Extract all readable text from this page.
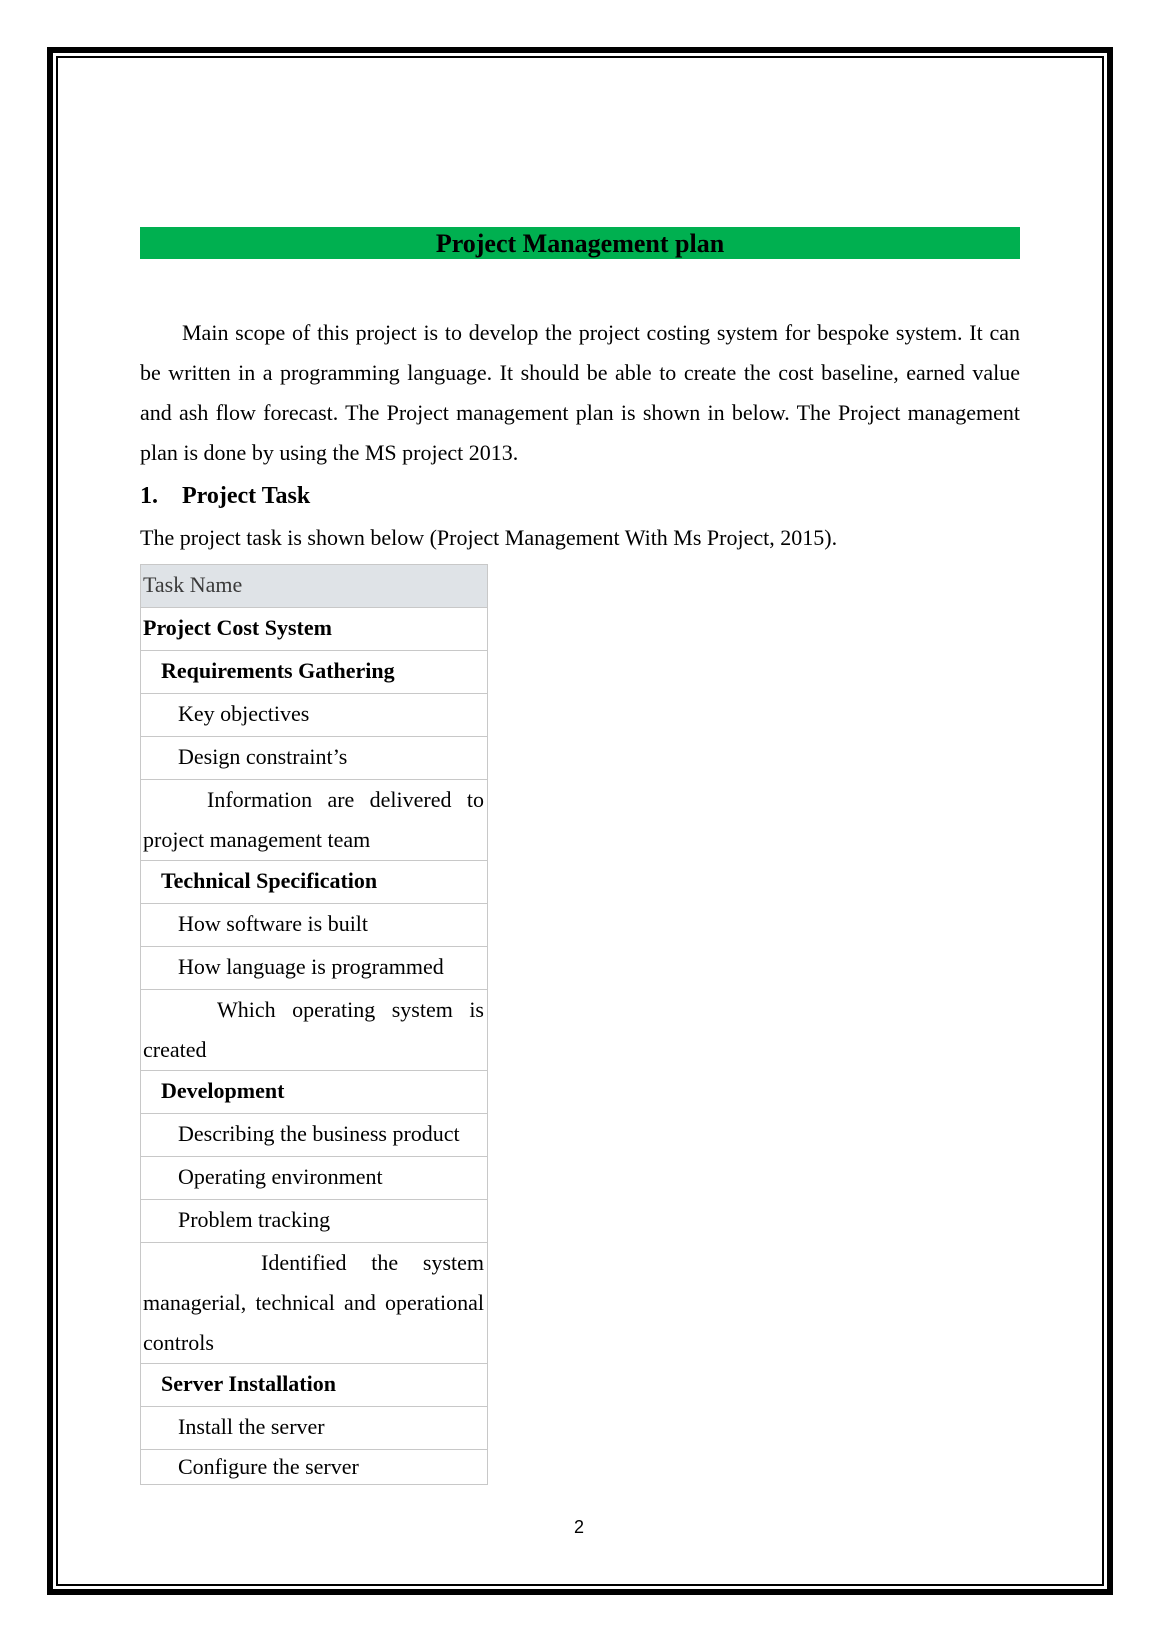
Project Management plan

Main scope of this project is to develop the project costing system for bespoke system. It can be written in a programming language. It should be able to create the cost baseline, earned value and ash flow forecast. The Project management plan is shown in below. The Project management plan is done by using the MS project 2013.

1. Project Task

The project task is shown below (Project Management With Ms Project, 2015).

Task Name
Project Cost System
Requirements Gathering
Key objectives
Design constraint’s
Information are delivered to project management team
Technical Specification
How software is built
How language is programmed
Which operating system is created
Development
Describing the business product
Operating environment
Problem tracking
Identified the system managerial, technical and operational controls
Server Installation
Install the server
Configure the server
2
